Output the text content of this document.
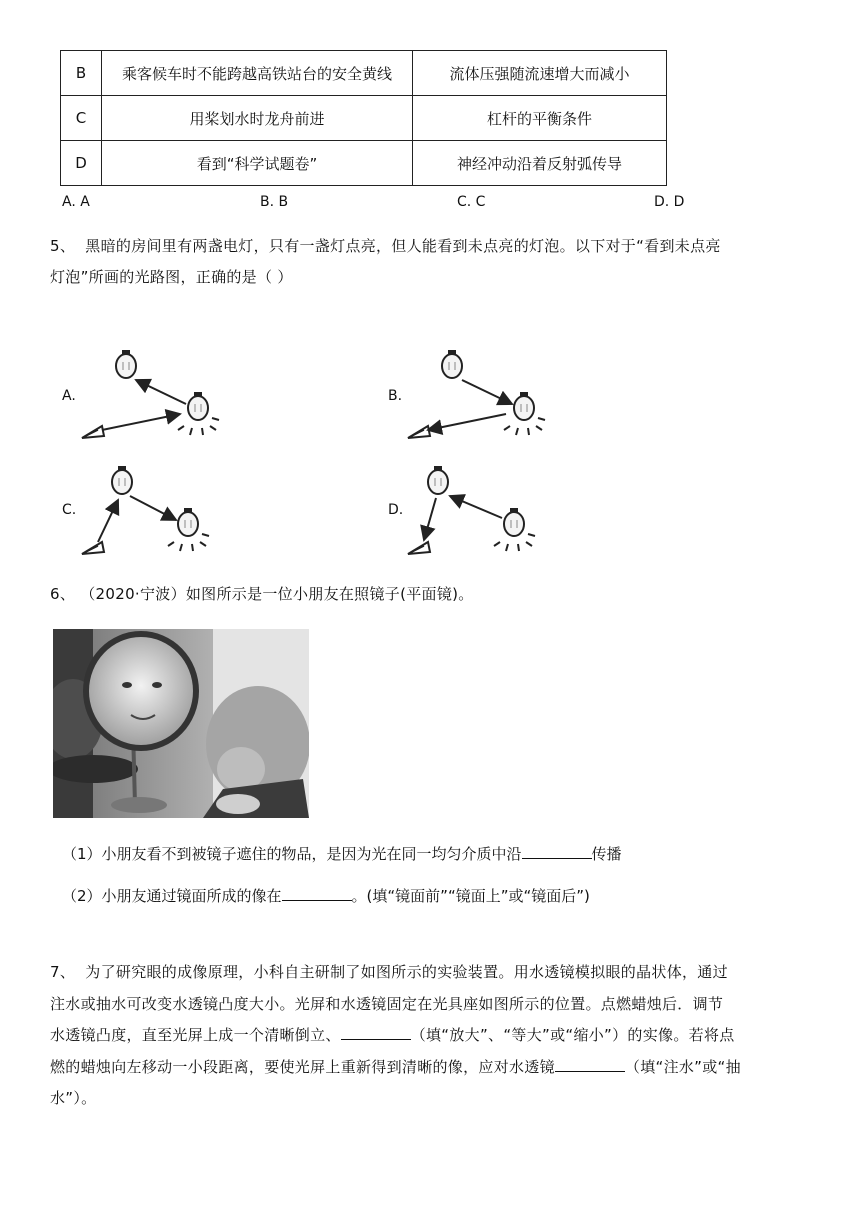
B	乘客候车时不能跨越高铁站台的安全黄线	流体压强随流速增大而减小
C	用桨划水时龙舟前进	杠杆的平衡条件
D	看到“科学试题卷”	神经冲动沿着反射弧传导
A. A	B. B	C. C	D. D
5、 黑暗的房间里有两盏电灯，只有一盏灯点亮，但人能看到未点亮的灯泡。以下对于“看到未点亮
灯泡”所画的光路图，正确的是（ ）
A.	B.
C.	D.
6、 （2020·宁波）如图所示是一位小朋友在照镜子(平面镜)。
（1）小朋友看不到被镜子遮住的物品，是因为光在同一均匀介质中沿	传播
（2）小朋友通过镜面所成的像在	。(填“镜面前”“镜面上”或“镜面后”)
7、 为了研究眼的成像原理，小科自主研制了如图所示的实验装置。用水透镜模拟眼的晶状体，通过
注水或抽水可改变水透镜凸度大小。光屏和水透镜固定在光具座如图所示的位置。点燃蜡烛后．调节
水透镜凸度，直至光屏上成一个清晰倒立、	（填“放大”、“等大”或“缩小”）的实像。若将点
燃的蜡烛向左移动一小段距离，要使光屏上重新得到清晰的像，应对水透镜	（填“注水”或“抽
水”）。
